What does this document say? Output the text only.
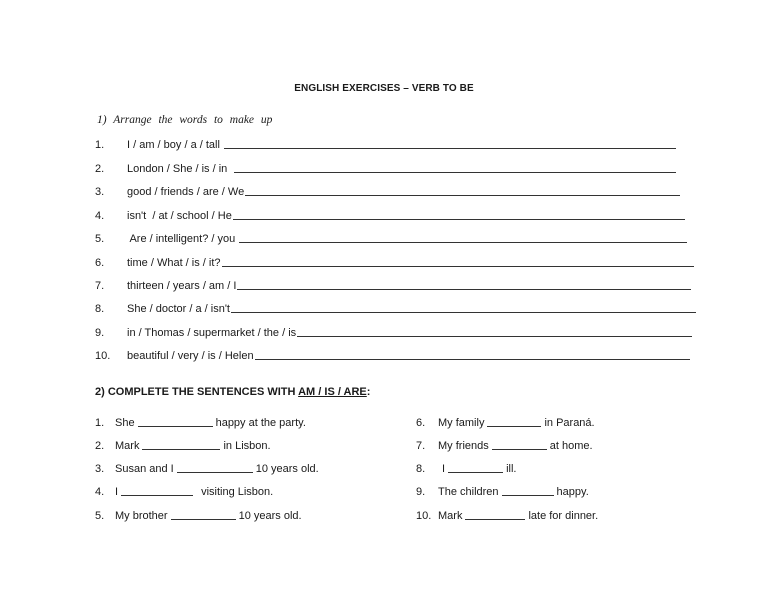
ENGLISH EXERCISES – VERB TO BE
1) Arrange the words to make up
1.	I / am / boy / a / tall
2.	London / She / is / in
3.	good / friends / are / We
4.	isn't  / at / school / He
5.	Are / intelligent? / you
6.	time / What / is / it?
7.	thirteen / years / am / I
8.	She / doctor / a / isn't
9.	in / Thomas / supermarket / the / is
10.	beautiful / very / is / Helen
2) COMPLETE THE SENTENCES WITH AM / IS / ARE:
1. She	happy at the party.
2. Mark	in Lisbon.
3. Susan and I	10 years old.
4. I	visiting Lisbon.
5. My brother	10 years old.
6.	My family	in Paraná.
7.	My friends	at home.
8.	I	ill.
9.	The children	happy.
10. Mark	late for dinner.
